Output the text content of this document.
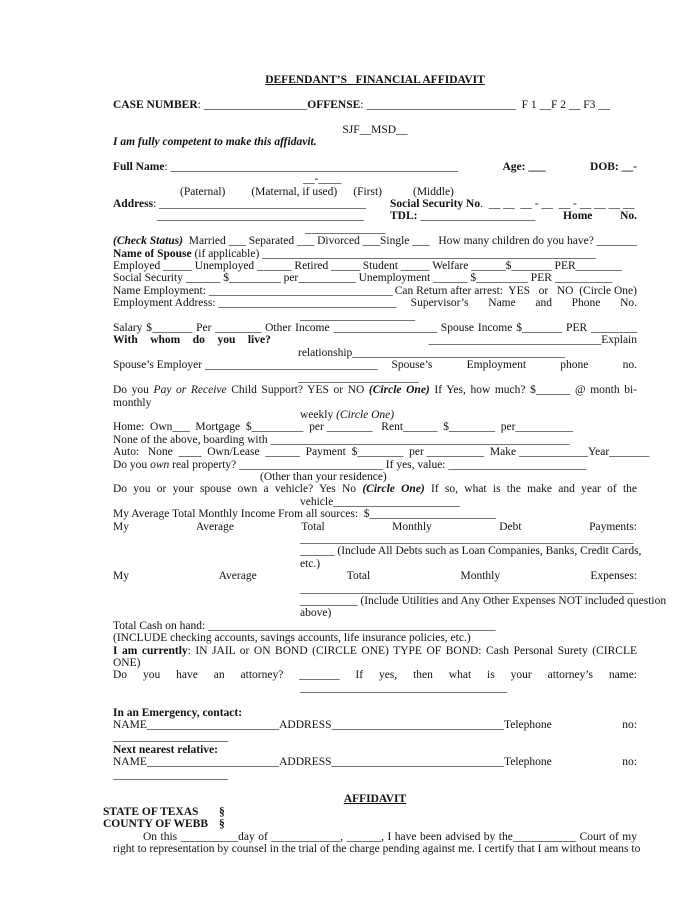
DEFENDANT’S   FINANCIAL AFFIDAVIT
CASE NUMBER: __________________OFFENSE: __________________________  F 1 __F 2 __ F3 __
SJF__MSD__
I am fully competent to make this affidavit.
Full Name: __________________________________________________	Age: ___	DOB: __-
__-____
(Paternal) (Maternal, if used) (First)	(Middle)
Address: ____________________________________ Social Security No.  __ __  __ - __  __ - __ __ __ __
____________________________________ TDL: ____________________ Home No.
______________
(Check Status)  Married ___ Separated ___ Divorced ___Single ___ How many children do you have? _______
Name of Spouse (if applicable) __________________________________________________________
Employed _____ Unemployed ______ Retired _____ Student _____ Welfare ______$_______ PER________
Social Security ______ $_________ per__________ Unemployment ______ $_________ PER __________
Name Employment: ________________________________ Can Return after arrest:  YES   or   NO  (Circle One)
Employment Address: _______________________________ Supervisor’s Name and Phone No.
____________________
Salary $_______ Per ________ Other Income __________________ Spouse Income $_______ PER ________
With whom do you live?	______________________________Explain
relationship_____________________________________
Spouse’s Employer ______________________________ Spouse’s Employment phone no.
_____________________
Do you Pay or Receive Child Support? YES or NO (Circle One) If Yes, how much? $______ @ month bi-monthly
weekly (Circle One)
Home:  Own___  Mortgage  $_________  per ________   Rent______  $________  per__________
None of the above, boarding with ____________________________________________________
Auto:   None  ____  Own/Lease  ______  Payment  $________  per __________  Make ____________Year_______
Do you own real property? _________________________ If yes, value: ________________________
(Other than your residence)
Do you or your spouse own a vehicle? Yes No (Circle One) If so, what is the make and year of the
vehicle______________________
My Average Total Monthly Income From all sources:  $______________________
My Average Total Monthly Debt Payments:
__________________________________________________________
______ (Include All Debts such as Loan Companies, Banks, Credit Cards,
etc.)
My Average Total Monthly Expenses:
__________________________________________________________
__________ (Include Utilities and Any Other Expenses NOT included question
above)
Total Cash on hand: __________________________________________________
(INCLUDE checking accounts, savings accounts, life insurance policies, etc.)
I am currently: IN JAIL or ON BOND (CIRCLE ONE) TYPE OF BOND: Cash Personal Surety (CIRCLE ONE)
Do you have an attorney? _______ If yes, then what is your attorney’s name:
____________________________________
In an Emergency, contact:
NAME_______________________ADDRESS______________________________Telephone	no:
____________________
Next nearest relative:
NAME_______________________ADDRESS______________________________Telephone	no:
____________________
AFFIDAVIT
STATE OF TEXAS §
COUNTY OF WEBB §
On this __________day of ____________, ______, I have been advised by the___________ Court of my
right to representation by counsel in the trial of the charge pending against me. I certify that I am without means to
